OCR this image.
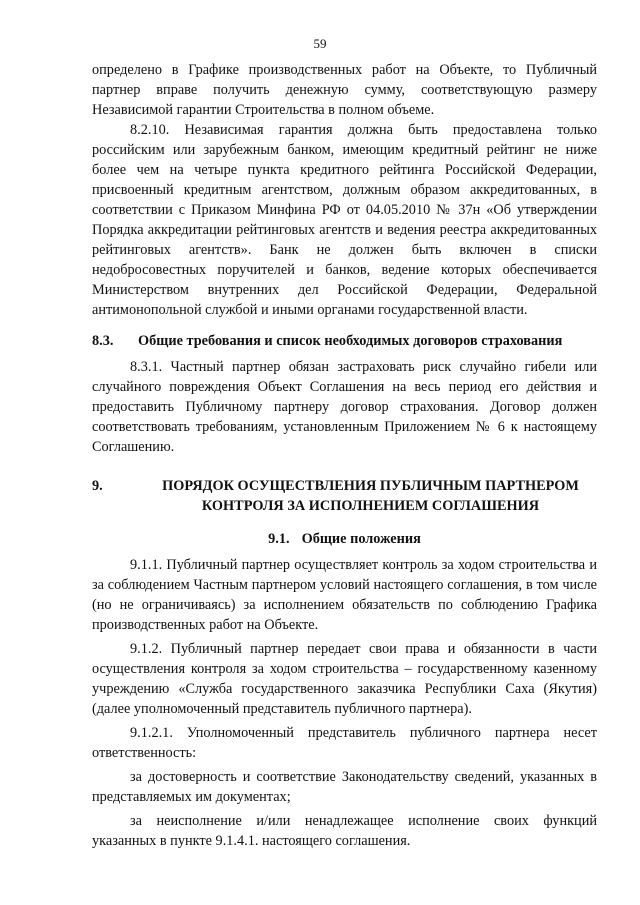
59

определено в Графике производственных работ на Объекте, то Публичный партнер вправе получить денежную сумму, соответствующую размеру Независимой гарантии Строительства в полном объеме.

8.2.10. Независимая гарантия должна быть предоставлена только российским или зарубежным банком, имеющим кредитный рейтинг не ниже более чем на четыре пункта кредитного рейтинга Российской Федерации, присвоенный кредитным агентством, должным образом аккредитованных, в соответствии с Приказом Минфина РФ от 04.05.2010 № 37н «Об утверждении Порядка аккредитации рейтинговых агентств и ведения реестра аккредитованных рейтинговых агентств». Банк не должен быть включен в списки недобросовестных поручителей и банков, ведение которых обеспечивается Министерством внутренних дел Российской Федерации, Федеральной антимонопольной службой и иными органами государственной власти.

8.3.	Общие требования и список необходимых договоров страхования

8.3.1. Частный партнер обязан застраховать риск случайно гибели или случайного повреждения Объект Соглашения на весь период его действия и предоставить Публичному партнеру договор страхования. Договор должен соответствовать требованиям, установленным Приложением № 6 к настоящему Соглашению.

9.	ПОРЯДОК ОСУЩЕСТВЛЕНИЯ ПУБЛИЧНЫМ ПАРТНЕРОМ
КОНТРОЛЯ ЗА ИСПОЛНЕНИЕМ СОГЛАШЕНИЯ
9.1. Общие положения

9.1.1. Публичный партнер осуществляет контроль за ходом строительства и за соблюдением Частным партнером условий настоящего соглашения, в том числе (но не ограничиваясь) за исполнением обязательств по соблюдению Графика производственных работ на Объекте.

9.1.2. Публичный партнер передает свои права и обязанности в части осуществления контроля за ходом строительства – государственному казенному учреждению «Служба государственного заказчика Республики Саха (Якутия) (далее уполномоченный представитель публичного партнера).

9.1.2.1. Уполномоченный представитель публичного партнера несет ответственность:

за достоверность и соответствие Законодательству сведений, указанных в представляемых им документах;

за неисполнение и/или ненадлежащее исполнение своих функций указанных в пункте 9.1.4.1. настоящего соглашения.
